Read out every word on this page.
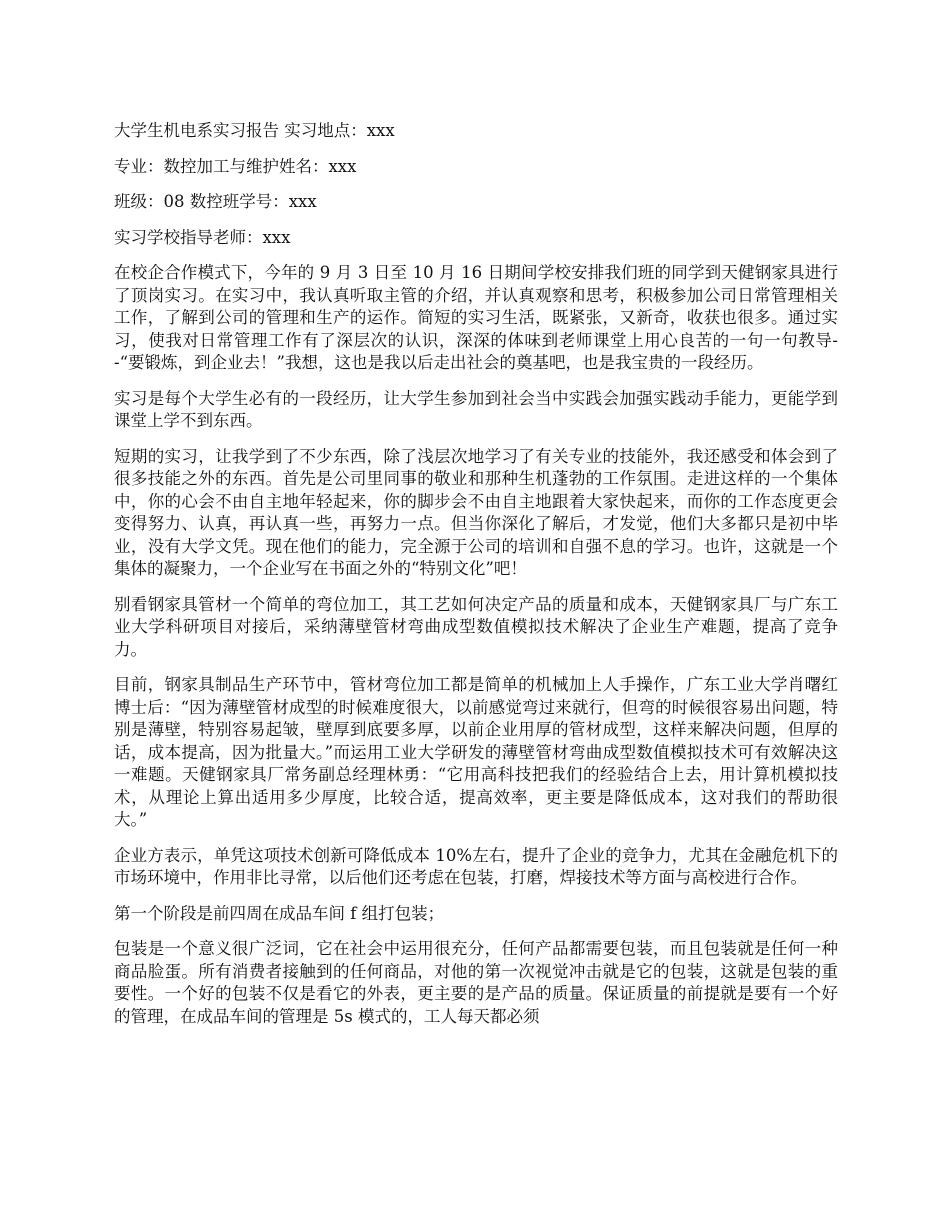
大学生机电系实习报告 实习地点：xxx

专业：数控加工与维护姓名：xxx

班级：08 数控班学号：xxx

实习学校指导老师：xxx

在校企合作模式下，今年的 9 月 3 日至 10 月 16 日期间学校安排我们班的同学到天健钢家具进行了顶岗实习。在实习中，我认真听取主管的介绍，并认真观察和思考，积极参加公司日常管理相关工作，了解到公司的管理和生产的运作。简短的实习生活，既紧张，又新奇，收获也很多。通过实习，使我对日常管理工作有了深层次的认识，深深的体味到老师课堂上用心良苦的一句一句教导--“要锻炼，到企业去！”我想，这也是我以后走出社会的奠基吧，也是我宝贵的一段经历。

实习是每个大学生必有的一段经历，让大学生参加到社会当中实践会加强实践动手能力，更能学到课堂上学不到东西。

短期的实习，让我学到了不少东西，除了浅层次地学习了有关专业的技能外，我还感受和体会到了很多技能之外的东西。首先是公司里同事的敬业和那种生机蓬勃的工作氛围。走进这样的一个集体中，你的心会不由自主地年轻起来，你的脚步会不由自主地跟着大家快起来，而你的工作态度更会变得努力、认真，再认真一些，再努力一点。但当你深化了解后，才发觉，他们大多都只是初中毕业，没有大学文凭。现在他们的能力，完全源于公司的培训和自强不息的学习。也许，这就是一个集体的凝聚力，一个企业写在书面之外的“特别文化”吧！

别看钢家具管材一个简单的弯位加工，其工艺如何决定产品的质量和成本，天健钢家具厂与广东工业大学科研项目对接后，采纳薄壁管材弯曲成型数值模拟技术解决了企业生产难题，提高了竞争力。

目前，钢家具制品生产环节中，管材弯位加工都是简单的机械加上人手操作，广东工业大学肖曙红博士后：“因为薄壁管材成型的时候难度很大，以前感觉弯过来就行，但弯的时候很容易出问题，特别是薄壁，特别容易起皱，壁厚到底要多厚，以前企业用厚的管材成型，这样来解决问题，但厚的话，成本提高，因为批量大。”而运用工业大学研发的薄壁管材弯曲成型数值模拟技术可有效解决这一难题。天健钢家具厂常务副总经理林勇：“它用高科技把我们的经验结合上去，用计算机模拟技术，从理论上算出适用多少厚度，比较合适，提高效率，更主要是降低成本，这对我们的帮助很大。”

企业方表示，单凭这项技术创新可降低成本 10%左右，提升了企业的竞争力，尤其在金融危机下的市场环境中，作用非比寻常，以后他们还考虑在包装，打磨，焊接技术等方面与高校进行合作。

第一个阶段是前四周在成品车间 f 组打包装；

包装是一个意义很广泛词，它在社会中运用很充分，任何产品都需要包装，而且包装就是任何一种商品脸蛋。所有消费者接触到的任何商品，对他的第一次视觉冲击就是它的包装，这就是包装的重要性。一个好的包装不仅是看它的外表，更主要的是产品的质量。保证质量的前提就是要有一个好的管理，在成品车间的管理是 5s 模式的，工人每天都必须
